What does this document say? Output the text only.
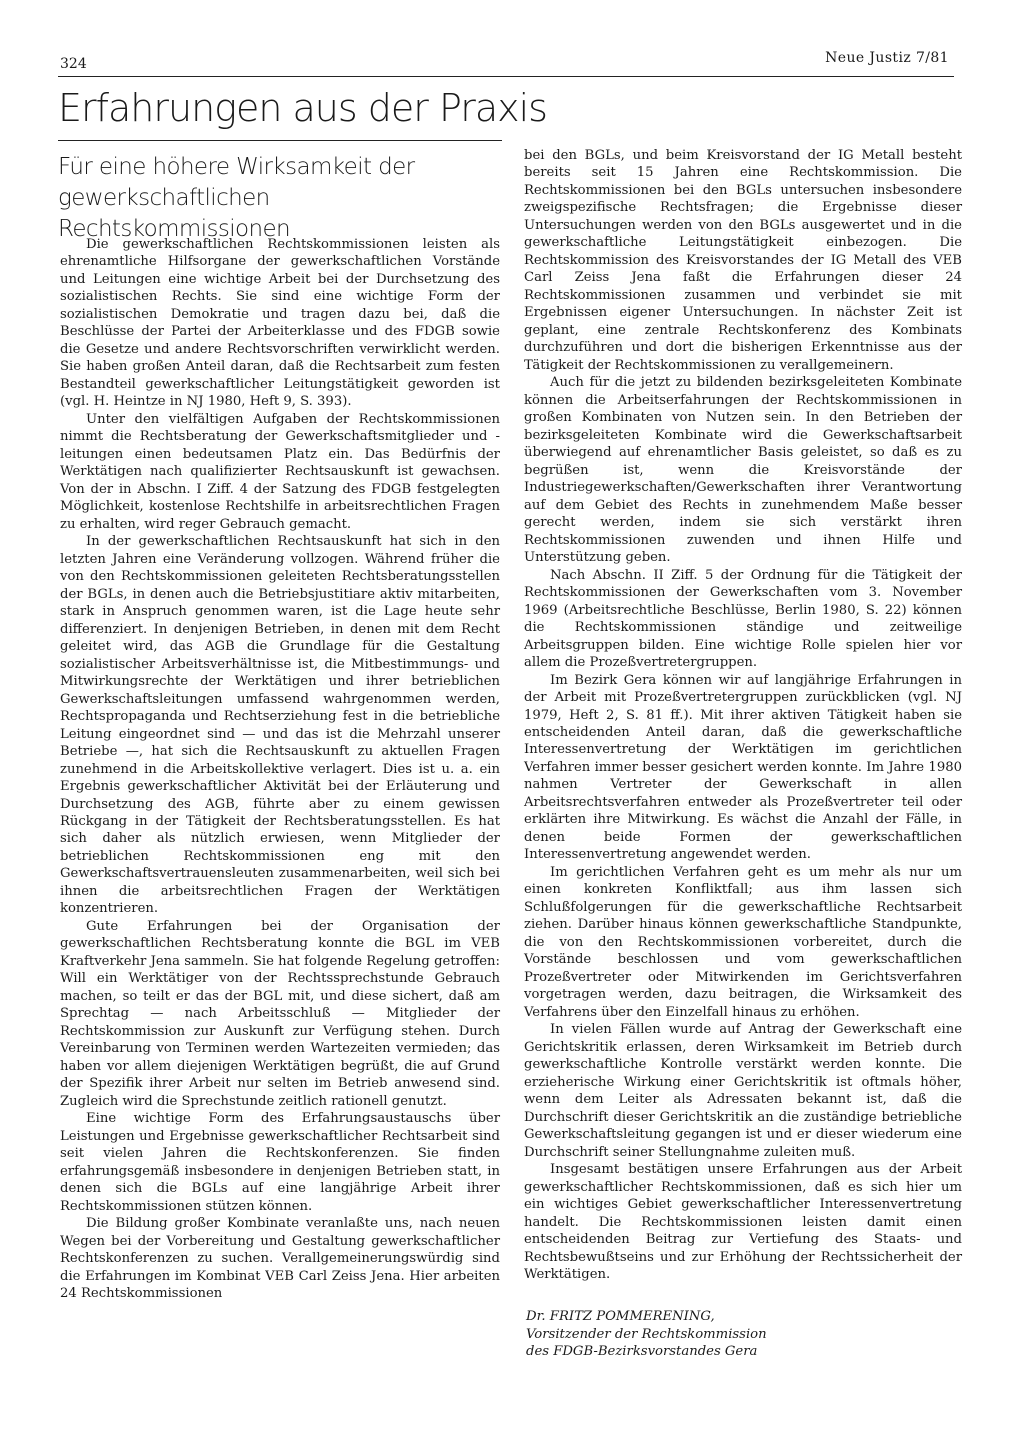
324	Neue Justiz 7/81
Erfahrungen aus der Praxis
Für eine höhere Wirksamkeit der gewerkschaftlichen Rechtskommissionen

Die gewerkschaftlichen Rechtskommissionen leisten als ehrenamtliche Hilfsorgane der gewerkschaftlichen Vorstände und Leitungen eine wichtige Arbeit bei der Durchsetzung des sozialistischen Rechts. Sie sind eine wichtige Form der sozialistischen Demokratie und tragen dazu bei, daß die Beschlüsse der Partei der Arbeiterklasse und des FDGB sowie die Gesetze und andere Rechtsvorschriften verwirklicht werden. Sie haben großen Anteil daran, daß die Rechtsarbeit zum festen Bestandteil gewerkschaftlicher Leitungstätigkeit geworden ist (vgl. H. Heintze in NJ 1980, Heft 9, S. 393).

Unter den vielfältigen Aufgaben der Rechtskommissionen nimmt die Rechtsberatung der Gewerkschaftsmitglieder und -leitungen einen bedeutsamen Platz ein. Das Bedürfnis der Werktätigen nach qualifizierter Rechtsauskunft ist gewachsen. Von der in Abschn. I Ziff. 4 der Satzung des FDGB festgelegten Möglichkeit, kostenlose Rechtshilfe in arbeitsrechtlichen Fragen zu erhalten, wird reger Gebrauch gemacht.

In der gewerkschaftlichen Rechtsauskunft hat sich in den letzten Jahren eine Veränderung vollzogen. Während früher die von den Rechtskommissionen geleiteten Rechtsberatungsstellen der BGLs, in denen auch die Betriebsjustitiare aktiv mitarbeiten, stark in Anspruch genommen waren, ist die Lage heute sehr differenziert. In denjenigen Betrieben, in denen mit dem Recht geleitet wird, das AGB die Grundlage für die Gestaltung sozialistischer Arbeitsverhältnisse ist, die Mitbestimmungs- und Mitwirkungsrechte der Werktätigen und ihrer betrieblichen Gewerkschaftsleitungen umfassend wahrgenommen werden, Rechtspropaganda und Rechtserziehung fest in die betriebliche Leitung eingeordnet sind — und das ist die Mehrzahl unserer Betriebe —, hat sich die Rechtsauskunft zu aktuellen Fragen zunehmend in die Arbeitskollektive verlagert. Dies ist u. a. ein Ergebnis gewerkschaftlicher Aktivität bei der Erläuterung und Durchsetzung des AGB, führte aber zu einem gewissen Rückgang in der Tätigkeit der Rechtsberatungsstellen. Es hat sich daher als nützlich erwiesen, wenn Mitglieder der betrieblichen Rechtskommissionen eng mit den Gewerkschaftsvertrauensleuten zusammenarbeiten, weil sich bei ihnen die arbeitsrechtlichen Fragen der Werktätigen konzentrieren.

Gute Erfahrungen bei der Organisation der gewerkschaftlichen Rechtsberatung konnte die BGL im VEB Kraftverkehr Jena sammeln. Sie hat folgende Regelung getroffen: Will ein Werktätiger von der Rechtssprechstunde Gebrauch machen, so teilt er das der BGL mit, und diese sichert, daß am Sprechtag — nach Arbeitsschluß — Mitglieder der Rechtskommission zur Auskunft zur Verfügung stehen. Durch Vereinbarung von Terminen werden Wartezeiten vermieden; das haben vor allem diejenigen Werktätigen begrüßt, die auf Grund der Spezifik ihrer Arbeit nur selten im Betrieb anwesend sind. Zugleich wird die Sprechstunde zeitlich rationell genutzt.

Eine wichtige Form des Erfahrungsaustauschs über Leistungen und Ergebnisse gewerkschaftlicher Rechtsarbeit sind seit vielen Jahren die Rechtskonferenzen. Sie finden erfahrungsgemäß insbesondere in denjenigen Betrieben statt, in denen sich die BGLs auf eine langjährige Arbeit ihrer Rechtskommissionen stützen können.

Die Bildung großer Kombinate veranlaßte uns, nach neuen Wegen bei der Vorbereitung und Gestaltung gewerkschaftlicher Rechtskonferenzen zu suchen. Verallgemeinerungswürdig sind die Erfahrungen im Kombinat VEB Carl Zeiss Jena. Hier arbeiten 24 Rechtskommissionen

bei den BGLs, und beim Kreisvorstand der IG Metall besteht bereits seit 15 Jahren eine Rechtskommission. Die Rechtskommissionen bei den BGLs untersuchen insbesondere zweigspezifische Rechtsfragen; die Ergebnisse dieser Untersuchungen werden von den BGLs ausgewertet und in die gewerkschaftliche Leitungstätigkeit einbezogen. Die Rechtskommission des Kreisvorstandes der IG Metall des VEB Carl Zeiss Jena faßt die Erfahrungen dieser 24 Rechtskommissionen zusammen und verbindet sie mit Ergebnissen eigener Untersuchungen. In nächster Zeit ist geplant, eine zentrale Rechtskonferenz des Kombinats durchzuführen und dort die bisherigen Erkenntnisse aus der Tätigkeit der Rechtskommissionen zu verallgemeinern.

Auch für die jetzt zu bildenden bezirksgeleiteten Kombinate können die Arbeitserfahrungen der Rechtskommissionen in großen Kombinaten von Nutzen sein. In den Betrieben der bezirksgeleiteten Kombinate wird die Gewerkschaftsarbeit überwiegend auf ehrenamtlicher Basis geleistet, so daß es zu begrüßen ist, wenn die Kreisvorstände der Industriegewerkschaften/Gewerkschaften ihrer Verantwortung auf dem Gebiet des Rechts in zunehmendem Maße besser gerecht werden, indem sie sich verstärkt ihren Rechtskommissionen zuwenden und ihnen Hilfe und Unterstützung geben.

Nach Abschn. II Ziff. 5 der Ordnung für die Tätigkeit der Rechtskommissionen der Gewerkschaften vom 3. November 1969 (Arbeitsrechtliche Beschlüsse, Berlin 1980, S. 22) können die Rechtskommissionen ständige und zeitweilige Arbeitsgruppen bilden. Eine wichtige Rolle spielen hier vor allem die Prozeßvertretergruppen.

Im Bezirk Gera können wir auf langjährige Erfahrungen in der Arbeit mit Prozeßvertretergruppen zurückblicken (vgl. NJ 1979, Heft 2, S. 81 ff.). Mit ihrer aktiven Tätigkeit haben sie entscheidenden Anteil daran, daß die gewerkschaftliche Interessenvertretung der Werktätigen im gerichtlichen Verfahren immer besser gesichert werden konnte. Im Jahre 1980 nahmen Vertreter der Gewerkschaft in allen Arbeitsrechtsverfahren entweder als Prozeßvertreter teil oder erklärten ihre Mitwirkung. Es wächst die Anzahl der Fälle, in denen beide Formen der gewerkschaftlichen Interessenvertretung angewendet werden.

Im gerichtlichen Verfahren geht es um mehr als nur um einen konkreten Konfliktfall; aus ihm lassen sich Schlußfolgerungen für die gewerkschaftliche Rechtsarbeit ziehen. Darüber hinaus können gewerkschaftliche Standpunkte, die von den Rechtskommissionen vorbereitet, durch die Vorstände beschlossen und vom gewerkschaftlichen Prozeßvertreter oder Mitwirkenden im Gerichtsverfahren vorgetragen werden, dazu beitragen, die Wirksamkeit des Verfahrens über den Einzelfall hinaus zu erhöhen.

In vielen Fällen wurde auf Antrag der Gewerkschaft eine Gerichtskritik erlassen, deren Wirksamkeit im Betrieb durch gewerkschaftliche Kontrolle verstärkt werden konnte. Die erzieherische Wirkung einer Gerichtskritik ist oftmals höher, wenn dem Leiter als Adressaten bekannt ist, daß die Durchschrift dieser Gerichtskritik an die zuständige betriebliche Gewerkschaftsleitung gegangen ist und er dieser wiederum eine Durchschrift seiner Stellungnahme zuleiten muß.

Insgesamt bestätigen unsere Erfahrungen aus der Arbeit gewerkschaftlicher Rechtskommissionen, daß es sich hier um ein wichtiges Gebiet gewerkschaftlicher Interessenvertretung handelt. Die Rechtskommissionen leisten damit einen entscheidenden Beitrag zur Vertiefung des Staats- und Rechtsbewußtseins und zur Erhöhung der Rechtssicherheit der Werktätigen.

Dr. FRITZ POMMERENING,
Vorsitzender der Rechtskommission
des FDGB-Bezirksvorstandes Gera
